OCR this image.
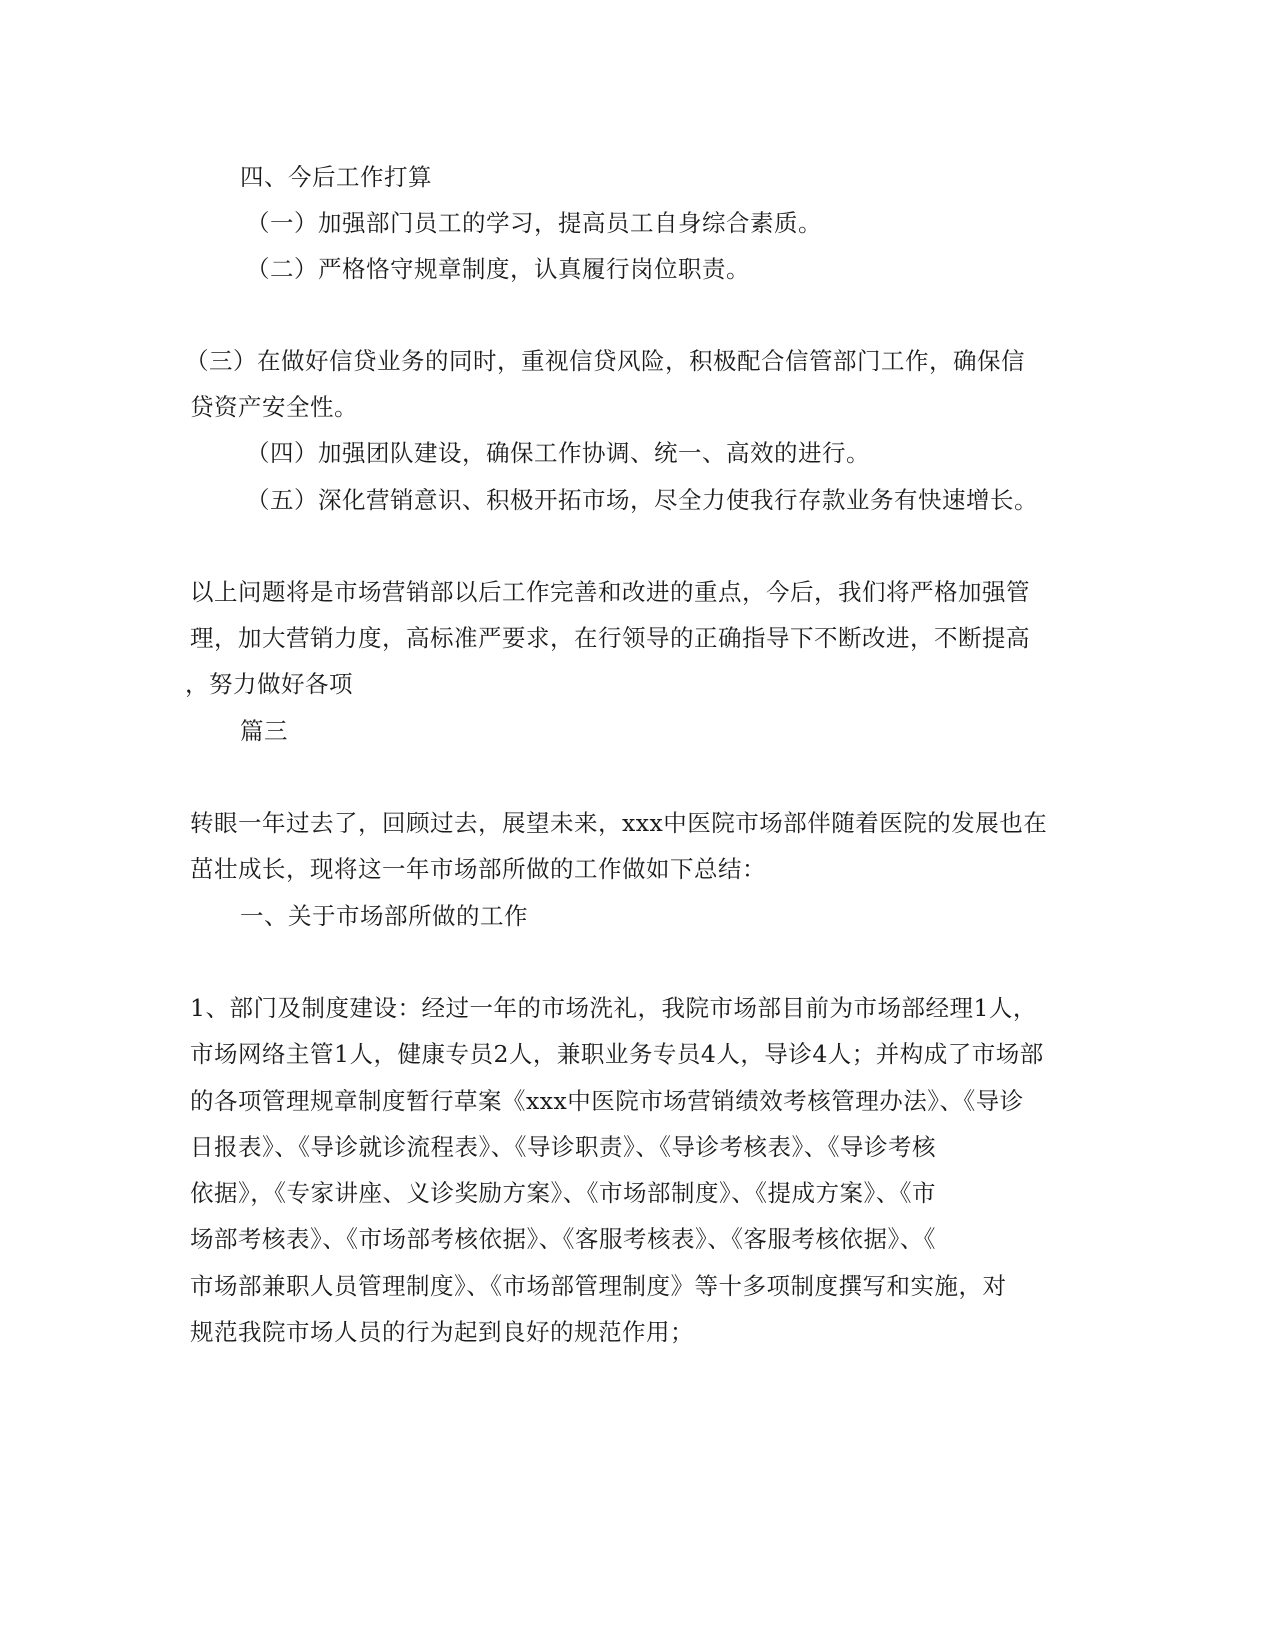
四、今后工作打算
（一）加强部门员工的学习，提高员工自身综合素质。
（二）严格恪守规章制度，认真履行岗位职责。
（三）在做好信贷业务的同时，重视信贷风险，积极配合信管部门工作，确保信
贷资产安全性。
（四）加强团队建设，确保工作协调、统一、高效的进行。
（五）深化营销意识、积极开拓市场，尽全力使我行存款业务有快速增长。
以上问题将是市场营销部以后工作完善和改进的重点，今后，我们将严格加强管
理，加大营销力度，高标准严要求，在行领导的正确指导下不断改进，不断提高
，努力做好各项
篇三
转眼一年过去了，回顾过去，展望未来，xxx中医院市场部伴随着医院的发展也在
茁壮成长，现将这一年市场部所做的工作做如下总结：
一、关于市场部所做的工作
1、部门及制度建设：经过一年的市场洗礼，我院市场部目前为市场部经理1人，
市场网络主管1人，健康专员2人，兼职业务专员4人，导诊4人；并构成了市场部
的各项管理规章制度暂行草案《xxx中医院市场营销绩效考核管理办法》、《导诊
日报表》、《导诊就诊流程表》、《导诊职责》、《导诊考核表》、《导诊考核
依据》，《专家讲座、义诊奖励方案》、《市场部制度》、《提成方案》、《市
场部考核表》、《市场部考核依据》、《客服考核表》、《客服考核依据》、《
市场部兼职人员管理制度》、《市场部管理制度》等十多项制度撰写和实施，对
规范我院市场人员的行为起到良好的规范作用；
